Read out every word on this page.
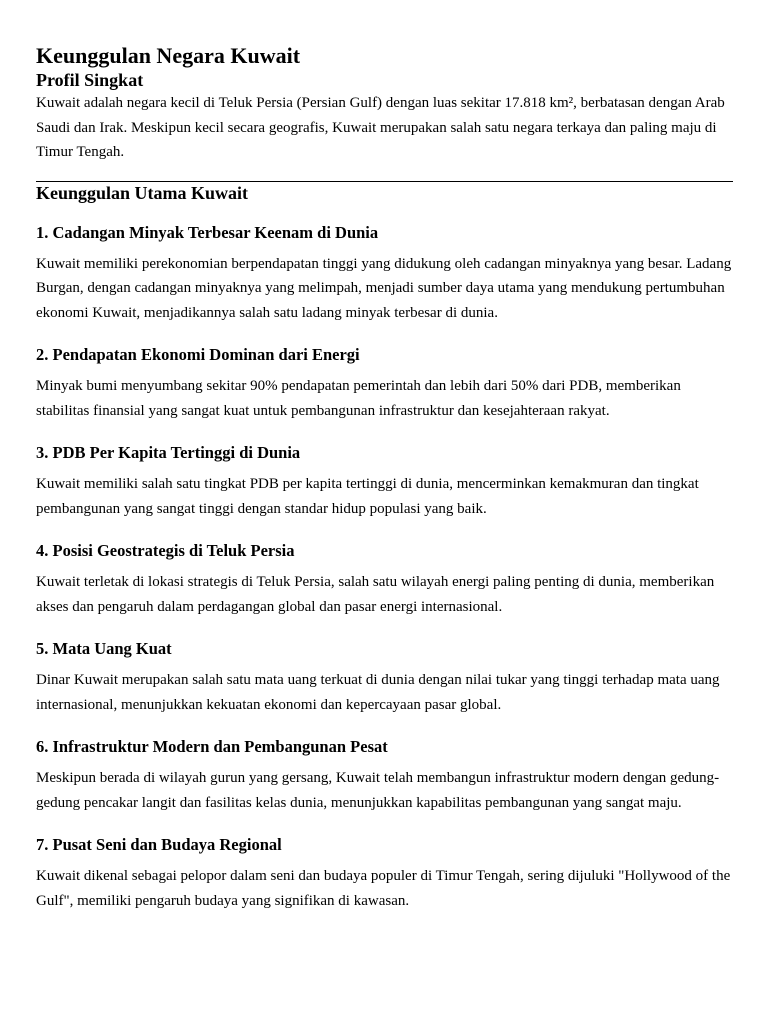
Keunggulan Negara Kuwait
Profil Singkat

Kuwait adalah negara kecil di Teluk Persia (Persian Gulf) dengan luas sekitar 17.818 km², berbatasan dengan Arab Saudi dan Irak. Meskipun kecil secara geografis, Kuwait merupakan salah satu negara terkaya dan paling maju di Timur Tengah.

Keunggulan Utama Kuwait
1. Cadangan Minyak Terbesar Keenam di Dunia

Kuwait memiliki perekonomian berpendapatan tinggi yang didukung oleh cadangan minyaknya yang besar. Ladang Burgan, dengan cadangan minyaknya yang melimpah, menjadi sumber daya utama yang mendukung pertumbuhan ekonomi Kuwait, menjadikannya salah satu ladang minyak terbesar di dunia.

2. Pendapatan Ekonomi Dominan dari Energi

Minyak bumi menyumbang sekitar 90% pendapatan pemerintah dan lebih dari 50% dari PDB, memberikan stabilitas finansial yang sangat kuat untuk pembangunan infrastruktur dan kesejahteraan rakyat.

3. PDB Per Kapita Tertinggi di Dunia

Kuwait memiliki salah satu tingkat PDB per kapita tertinggi di dunia, mencerminkan kemakmuran dan tingkat pembangunan yang sangat tinggi dengan standar hidup populasi yang baik.

4. Posisi Geostrategis di Teluk Persia

Kuwait terletak di lokasi strategis di Teluk Persia, salah satu wilayah energi paling penting di dunia, memberikan akses dan pengaruh dalam perdagangan global dan pasar energi internasional.

5. Mata Uang Kuat

Dinar Kuwait merupakan salah satu mata uang terkuat di dunia dengan nilai tukar yang tinggi terhadap mata uang internasional, menunjukkan kekuatan ekonomi dan kepercayaan pasar global.

6. Infrastruktur Modern dan Pembangunan Pesat

Meskipun berada di wilayah gurun yang gersang, Kuwait telah membangun infrastruktur modern dengan gedung-gedung pencakar langit dan fasilitas kelas dunia, menunjukkan kapabilitas pembangunan yang sangat maju.

7. Pusat Seni dan Budaya Regional

Kuwait dikenal sebagai pelopor dalam seni dan budaya populer di Timur Tengah, sering dijuluki "Hollywood of the Gulf", memiliki pengaruh budaya yang signifikan di kawasan.
